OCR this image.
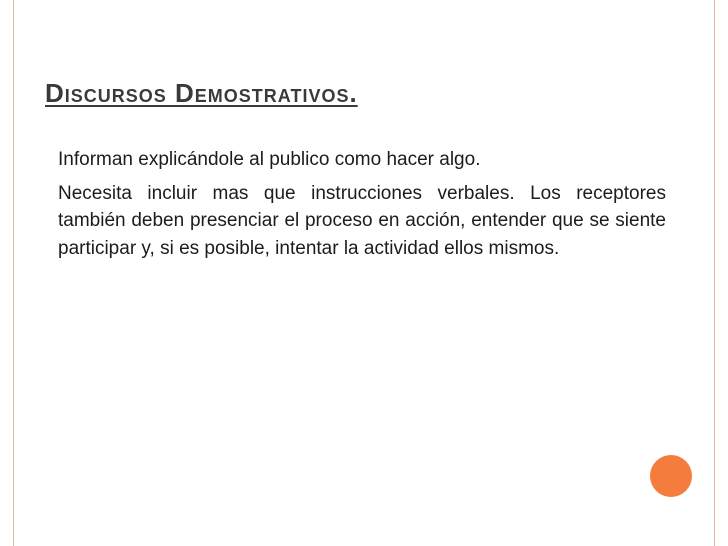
Discursos Demostrativos.

Informan explicándole al publico como hacer algo.

Necesita incluir mas que instrucciones verbales. Los receptores también deben presenciar el proceso en acción, entender que se siente participar y, si es posible, intentar la actividad ellos mismos.
